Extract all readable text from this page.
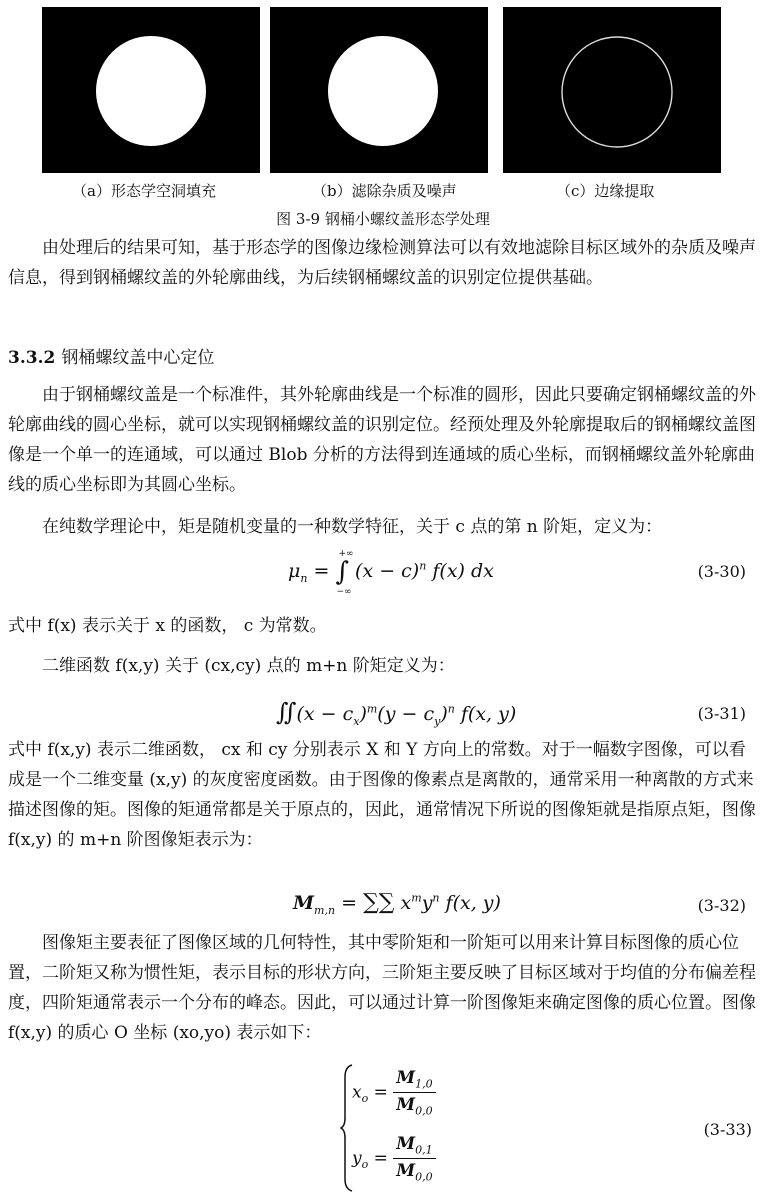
（a）形态学空洞填充	（b）滤除杂质及噪声	（c）边缘提取
图 3-9 钢桶小螺纹盖形态学处理
由处理后的结果可知，基于形态学的图像边缘检测算法可以有效地滤除目标区域外的杂质及噪声信息，得到钢桶螺纹盖的外轮廓曲线，为后续钢桶螺纹盖的识别定位提供基础。
3.3.2 钢桶螺纹盖中心定位
由于钢桶螺纹盖是一个标准件，其外轮廓曲线是一个标准的圆形，因此只要确定钢桶螺纹盖的外轮廓曲线的圆心坐标，就可以实现钢桶螺纹盖的识别定位。经预处理及外轮廓提取后的钢桶螺纹盖图像是一个单一的连通域，可以通过 Blob 分析的方法得到连通域的质心坐标，而钢桶螺纹盖外轮廓曲线的质心坐标即为其圆心坐标。
在纯数学理论中，矩是随机变量的一种数学特征，关于 c 点的第 n 阶矩，定义为：
$\mu_n$ = ∫
+∞
−∞
$(x - c)^n$ f(x) dx	(3-30)
式中 f(x) 表示关于 x 的函数， c 为常数。
二维函数 f(x,y) 关于 (cx,cy) 点的 m+n 阶矩定义为：
∬(x − $c_x)^m(y - c_y)^n$ f(x, y)	(3-31)
式中 f(x,y) 表示二维函数， cx 和 cy 分别表示 X 和 Y 方向上的常数。对于一幅数字图像，可以看成是一个二维变量 (x,y) 的灰度密度函数。由于图像的像素点是离散的，通常采用一种离散的方式来描述图像的矩。图像的矩通常都是关于原点的，因此，通常情况下所说的图像矩就是指原点矩，图像 f(x,y) 的 m+n 阶图像矩表示为：
$M_{m,n}$ = ∑∑ $x^my^n$ f(x, y)	(3-32)
图像矩主要表征了图像区域的几何特性，其中零阶矩和一阶矩可以用来计算目标图像的质心位置，二阶矩又称为惯性矩，表示目标的形状方向，三阶矩主要反映了目标区域对于均值的分布偏差程度，四阶矩通常表示一个分布的峰态。因此，可以通过计算一阶图像矩来确定图像的质心位置。图像 f(x,y) 的质心 O 坐标 (xo,yo) 表示如下：
$x_o = \frac{M_{1,0}}{M_{0,0}}$
$y_o = \frac{M_{0,1}}{M_{0,0}}$
(3-33)
